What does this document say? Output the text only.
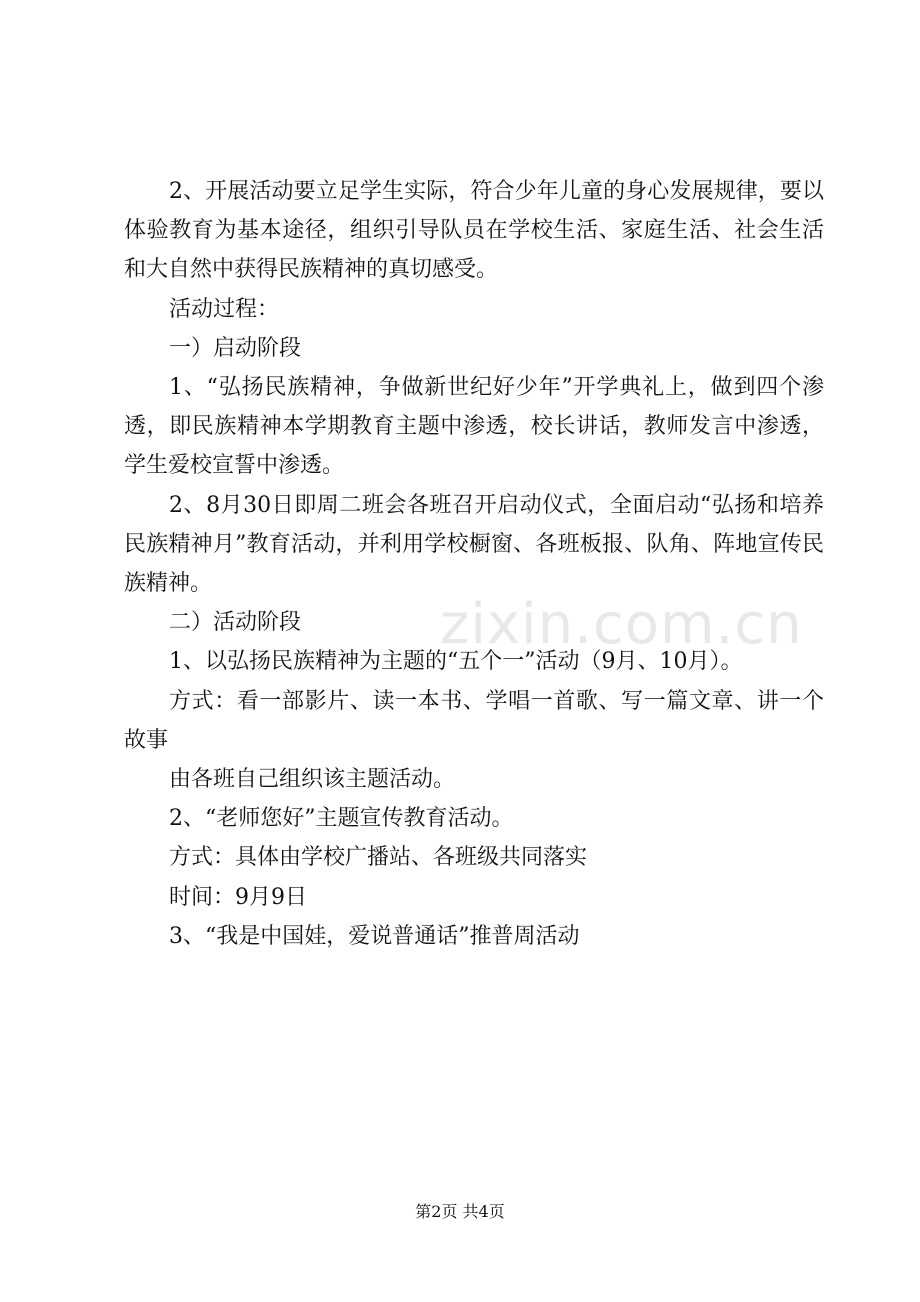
2、开展活动要立足学生实际，符合少年儿童的身心发展规律，要以体验教育为基本途径，组织引导队员在学校生活、家庭生活、社会生活和大自然中获得民族精神的真切感受。

活动过程：

一）启动阶段

1、“弘扬民族精神，争做新世纪好少年”开学典礼上，做到四个渗透，即民族精神本学期教育主题中渗透，校长讲话，教师发言中渗透，学生爱校宣誓中渗透。

2、8月30日即周二班会各班召开启动仪式，全面启动“弘扬和培养民族精神月”教育活动，并利用学校橱窗、各班板报、队角、阵地宣传民族精神。

二）活动阶段

1、以弘扬民族精神为主题的“五个一”活动（9月、10月）。

方式：看一部影片、读一本书、学唱一首歌、写一篇文章、讲一个故事

由各班自己组织该主题活动。

2、“老师您好”主题宣传教育活动。

方式：具体由学校广播站、各班级共同落实

时间：9月9日

3、“我是中国娃，爱说普通话”推普周活动

zixin.com.cn
第2页 共4页
